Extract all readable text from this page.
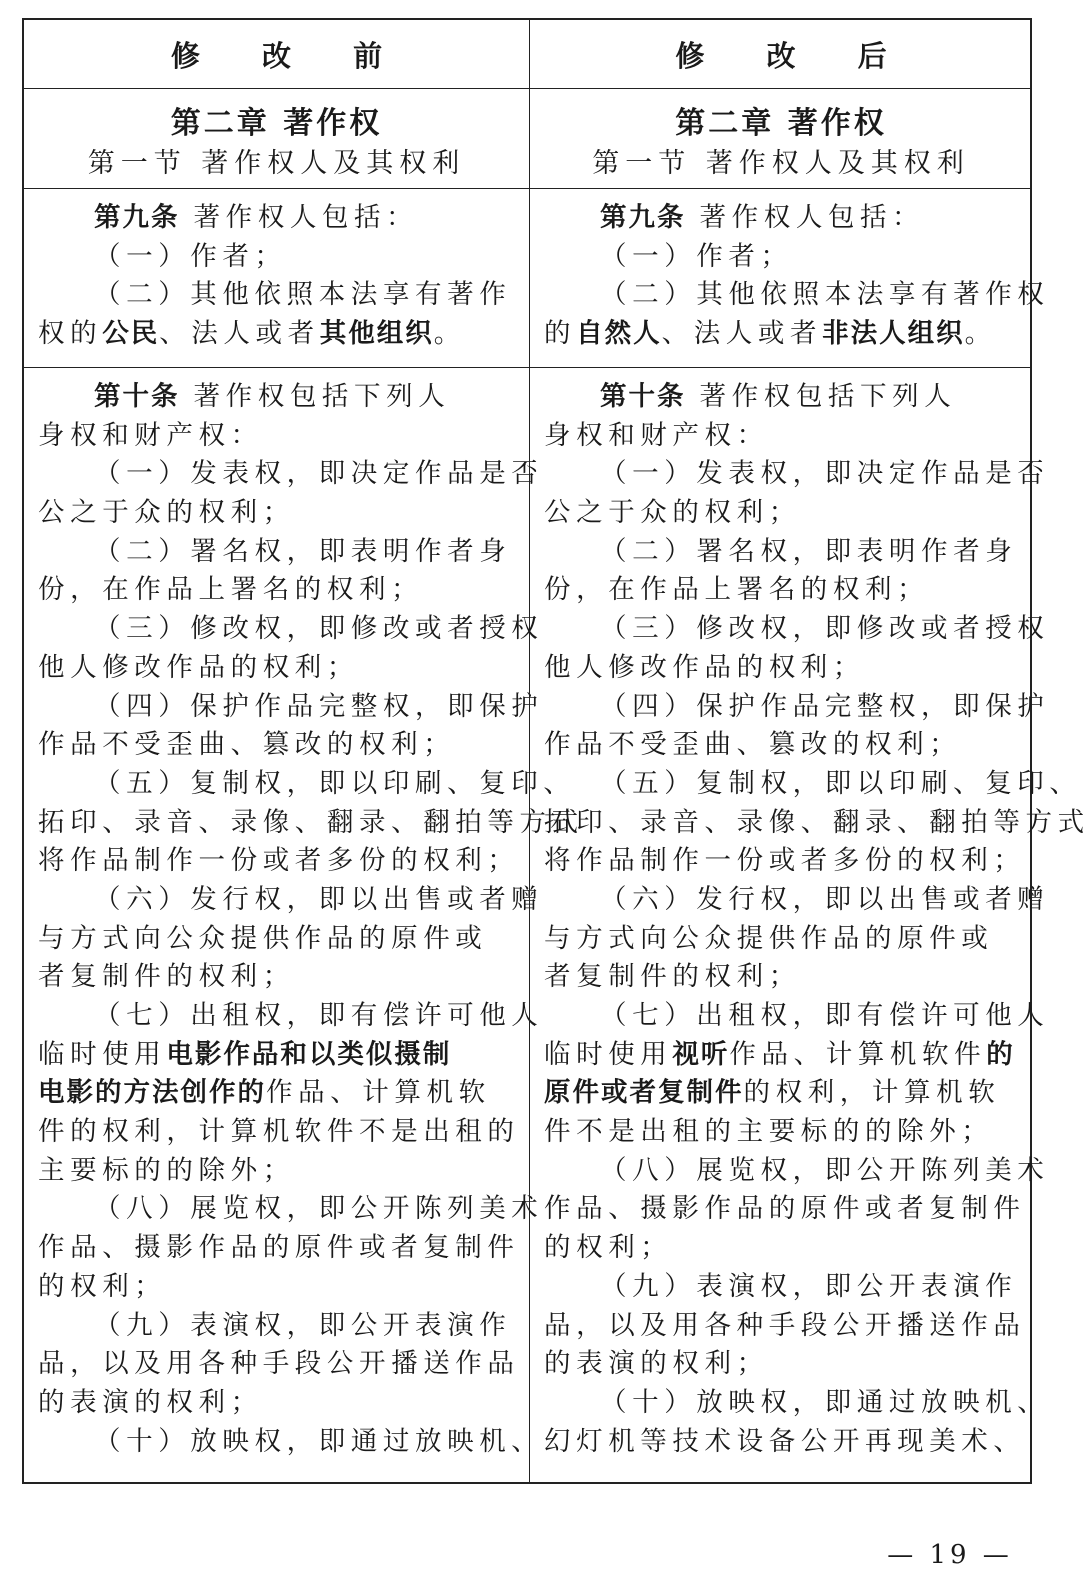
修 改 前	修 改 后
第二章 著作权
第一节 著作权人及其权利
第二章 著作权
第一节 著作权人及其权利
第九条 著作权人包括：
（一）作者；
（二）其他依照本法享有著作
权的公民、法人或者其他组织。
第九条 著作权人包括：
（一）作者；
（二）其他依照本法享有著作权
的自然人、法人或者非法人组织。
第十条 著作权包括下列人
身权和财产权：
（一）发表权，即决定作品是否
公之于众的权利；
（二）署名权，即表明作者身
份，在作品上署名的权利；
（三）修改权，即修改或者授权
他人修改作品的权利；
（四）保护作品完整权，即保护
作品不受歪曲、篡改的权利；
（五）复制权，即以印刷、复印、
拓印、录音、录像、翻录、翻拍等方式
将作品制作一份或者多份的权利；
（六）发行权，即以出售或者赠
与方式向公众提供作品的原件或
者复制件的权利；
（七）出租权，即有偿许可他人
临时使用电影作品和以类似摄制
电影的方法创作的作品、计算机软
件的权利，计算机软件不是出租的
主要标的的除外；
（八）展览权，即公开陈列美术
作品、摄影作品的原件或者复制件
的权利；
（九）表演权，即公开表演作
品，以及用各种手段公开播送作品
的表演的权利；
（十）放映权，即通过放映机、
第十条 著作权包括下列人
身权和财产权：
（一）发表权，即决定作品是否
公之于众的权利；
（二）署名权，即表明作者身
份，在作品上署名的权利；
（三）修改权，即修改或者授权
他人修改作品的权利；
（四）保护作品完整权，即保护
作品不受歪曲、篡改的权利；
（五）复制权，即以印刷、复印、
拓印、录音、录像、翻录、翻拍等方式
将作品制作一份或者多份的权利；
（六）发行权，即以出售或者赠
与方式向公众提供作品的原件或
者复制件的权利；
（七）出租权，即有偿许可他人
临时使用视听作品、计算机软件的
原件或者复制件的权利，计算机软
件不是出租的主要标的的除外；
（八）展览权，即公开陈列美术
作品、摄影作品的原件或者复制件
的权利；
（九）表演权，即公开表演作
品，以及用各种手段公开播送作品
的表演的权利；
（十）放映权，即通过放映机、
幻灯机等技术设备公开再现美术、
— 19 —
